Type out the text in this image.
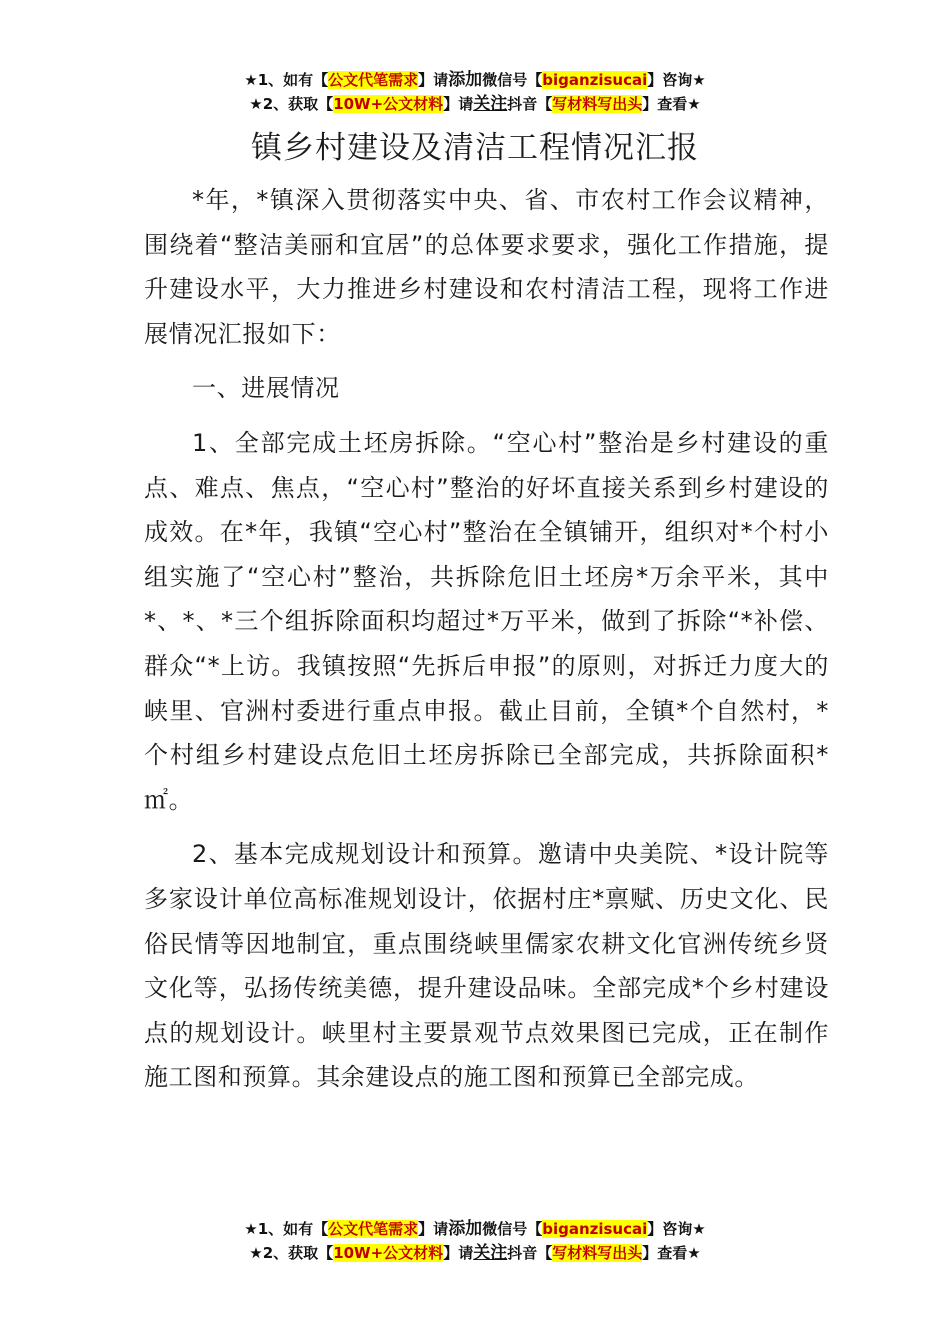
★1、如有【公文代笔需求】请添加微信号【biganzisucai】咨询★
★2、获取【10W+公文材料】请关注抖音【写材料写出头】查看★
镇乡村建设及清洁工程情况汇报

*年，*镇深入贯彻落实中央、省、市农村工作会议精神，围绕着“整洁美丽和宜居”的总体要求要求，强化工作措施，提升建设水平，大力推进乡村建设和农村清洁工程，现将工作进展情况汇报如下：

一、进展情况

1、全部完成土坯房拆除。“空心村”整治是乡村建设的重点、难点、焦点，“空心村”整治的好坏直接关系到乡村建设的成效。在*年，我镇“空心村”整治在全镇铺开，组织对*个村小组实施了“空心村”整治，共拆除危旧土坯房*万余平米，其中*、*、*三个组拆除面积均超过*万平米，做到了拆除“*补偿、群众“*上访。我镇按照“先拆后申报”的原则，对拆迁力度大的峡里、官洲村委进行重点申报。截止目前，全镇*个自然村，*个村组乡村建设点危旧土坯房拆除已全部完成，共拆除面积*㎡。

2、基本完成规划设计和预算。邀请中央美院、*设计院等多家设计单位高标准规划设计，依据村庄*禀赋、历史文化、民俗民情等因地制宜，重点围绕峡里儒家农耕文化官洲传统乡贤文化等，弘扬传统美德，提升建设品味。全部完成*个乡村建设点的规划设计。峡里村主要景观节点效果图已完成，正在制作施工图和预算。其余建设点的施工图和预算已全部完成。

★1、如有【公文代笔需求】请添加微信号【biganzisucai】咨询★
★2、获取【10W+公文材料】请关注抖音【写材料写出头】查看★
